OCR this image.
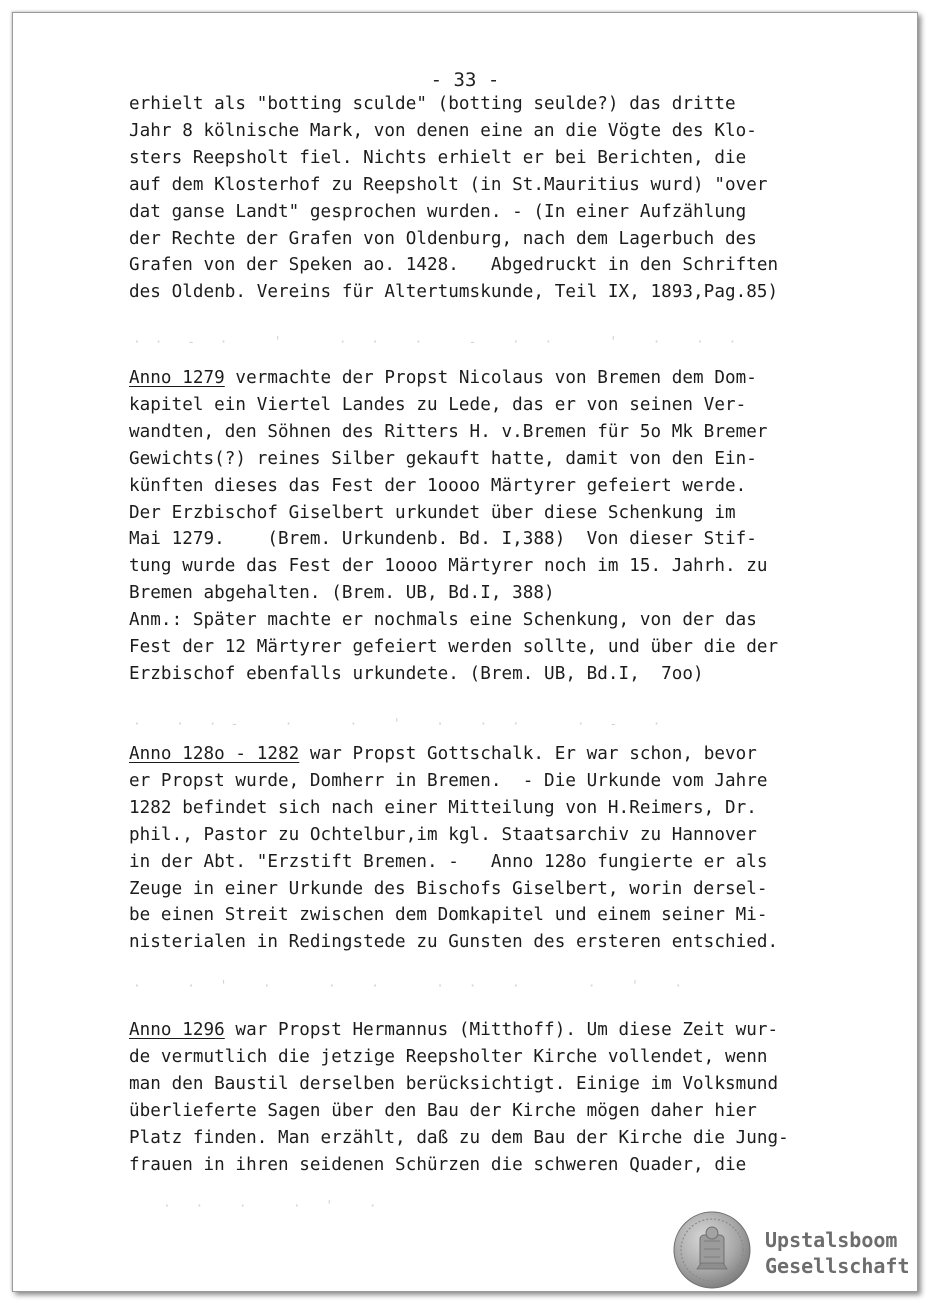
- 33 -
· ·  -  ·    '     ·  ·   ·    -   ·  ·     '   ·   ·  ·
·   ·  · -    ·     ·   '   ·   ·  ·     ·  -   ·
·    ·  '   ·     ·   ·     ·  ·   ·      ·   '   ·
·  ·   ·    ·  '   ·
erhielt als "botting sculde" (botting seulde?) das dritte
Jahr 8 kölnische Mark, von denen eine an die Vögte des Klo-
sters Reepsholt fiel. Nichts erhielt er bei Berichten, die
auf dem Klosterhof zu Reepsholt (in St.Mauritius wurd) "over
dat ganse Landt" gesprochen wurden. - (In einer Aufzählung
der Rechte der Grafen von Oldenburg, nach dem Lagerbuch des
Grafen von der Speken ao. 1428.   Abgedruckt in den Schriften
des Oldenb. Vereins für Altertumskunde, Teil IX, 1893,Pag.85)
Anno 1279 vermachte der Propst Nicolaus von Bremen dem Dom-
kapitel ein Viertel Landes zu Lede, das er von seinen Ver-
wandten, den Söhnen des Ritters H. v.Bremen für 5o Mk Bremer
Gewichts(?) reines Silber gekauft hatte, damit von den Ein-
künften dieses das Fest der 1oooo Märtyrer gefeiert werde.
Der Erzbischof Giselbert urkundet über diese Schenkung im
Mai 1279.    (Brem. Urkundenb. Bd. I,388)  Von dieser Stif-
tung wurde das Fest der 1oooo Märtyrer noch im 15. Jahrh. zu
Bremen abgehalten. (Brem. UB, Bd.I, 388)
Anm.: Später machte er nochmals eine Schenkung, von der das
Fest der 12 Märtyrer gefeiert werden sollte, und über die der
Erzbischof ebenfalls urkundete. (Brem. UB, Bd.I,  7oo)
Anno 128o - 1282 war Propst Gottschalk. Er war schon, bevor
er Propst wurde, Domherr in Bremen.  - Die Urkunde vom Jahre
1282 befindet sich nach einer Mitteilung von H.Reimers, Dr.
phil., Pastor zu Ochtelbur,im kgl. Staatsarchiv zu Hannover
in der Abt. "Erzstift Bremen. -   Anno 128o fungierte er als
Zeuge in einer Urkunde des Bischofs Giselbert, worin dersel-
be einen Streit zwischen dem Domkapitel und einem seiner Mi-
nisterialen in Redingstede zu Gunsten des ersteren entschied.
Anno 1296 war Propst Hermannus (Mitthoff). Um diese Zeit wur-
de vermutlich die jetzige Reepsholter Kirche vollendet, wenn
man den Baustil derselben berücksichtigt. Einige im Volksmund
überlieferte Sagen über den Bau der Kirche mögen daher hier
Platz finden. Man erzählt, daß zu dem Bau der Kirche die Jung-
frauen in ihren seidenen Schürzen die schweren Quader, die
Upstalsboom
Gesellschaft
